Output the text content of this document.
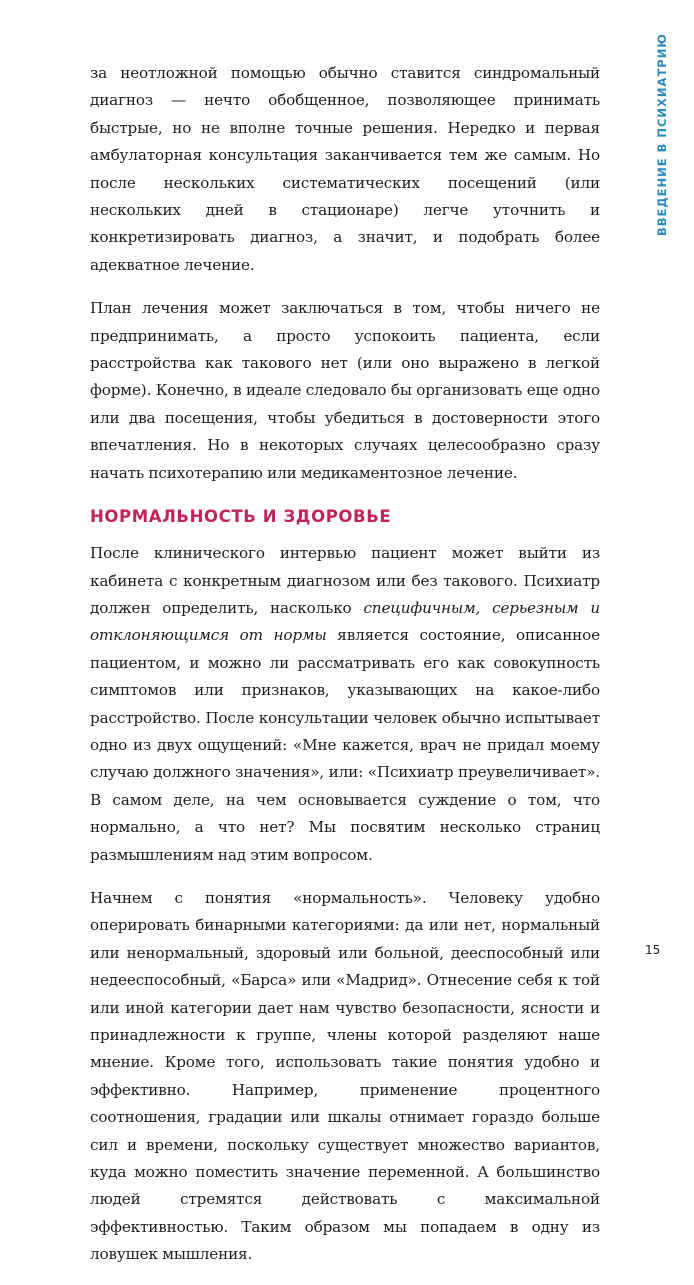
за неотложной помощью обычно ставится синдромальный диагноз — нечто обобщенное, позволяющее принимать быстрые, но не вполне точные решения. Нередко и первая амбулаторная консультация заканчивается тем же самым. Но после нескольких систематических посещений (или нескольких дней в стационаре) легче уточнить и конкретизировать диагноз, а значит, и подобрать более адекватное лечение.

План лечения может заключаться в том, чтобы ничего не предпринимать, а просто успокоить пациента, если расстройства как такового нет (или оно выражено в легкой форме). Конечно, в идеале следовало бы организовать еще одно или два посещения, чтобы убедиться в достоверности этого впечатления. Но в некоторых случаях целесообразно сразу начать психотерапию или медикаментозное лечение.

НОРМАЛЬНОСТЬ И ЗДОРОВЬЕ

После клинического интервью пациент может выйти из кабинета с конкретным диагнозом или без такового. Психиатр должен определить, насколько специфичным, серьезным и отклоняющимся от нормы является состояние, описанное пациентом, и можно ли рассматривать его как совокупность симптомов или признаков, указывающих на какое-либо расстройство. После консультации человек обычно испытывает одно из двух ощущений: «Мне кажется, врач не придал моему случаю должного значения», или: «Психиатр преувеличивает». В самом деле, на чем основывается суждение о том, что нормально, а что нет? Мы посвятим несколько страниц размышлениям над этим вопросом.

Начнем с понятия «нормальность». Человеку удобно оперировать бинарными категориями: да или нет, нормальный или ненормальный, здоровый или больной, дееспособный или недееспособный, «Барса» или «Мадрид». Отнесение себя к той или иной категории дает нам чувство безопасности, ясности и принадлежности к группе, члены которой разделяют наше мнение. Кроме того, использовать такие понятия удобно и эффективно. Например, применение процентного соотношения, градации или шкалы отнимает гораздо больше сил и времени, поскольку существует множество вариантов, куда можно поместить значение переменной. А большинство людей стремятся действовать с максимальной эффективностью. Таким образом мы попадаем в одну из ловушек мышления.

ВВЕДЕНИЕ В ПСИХИАТРИЮ
15
